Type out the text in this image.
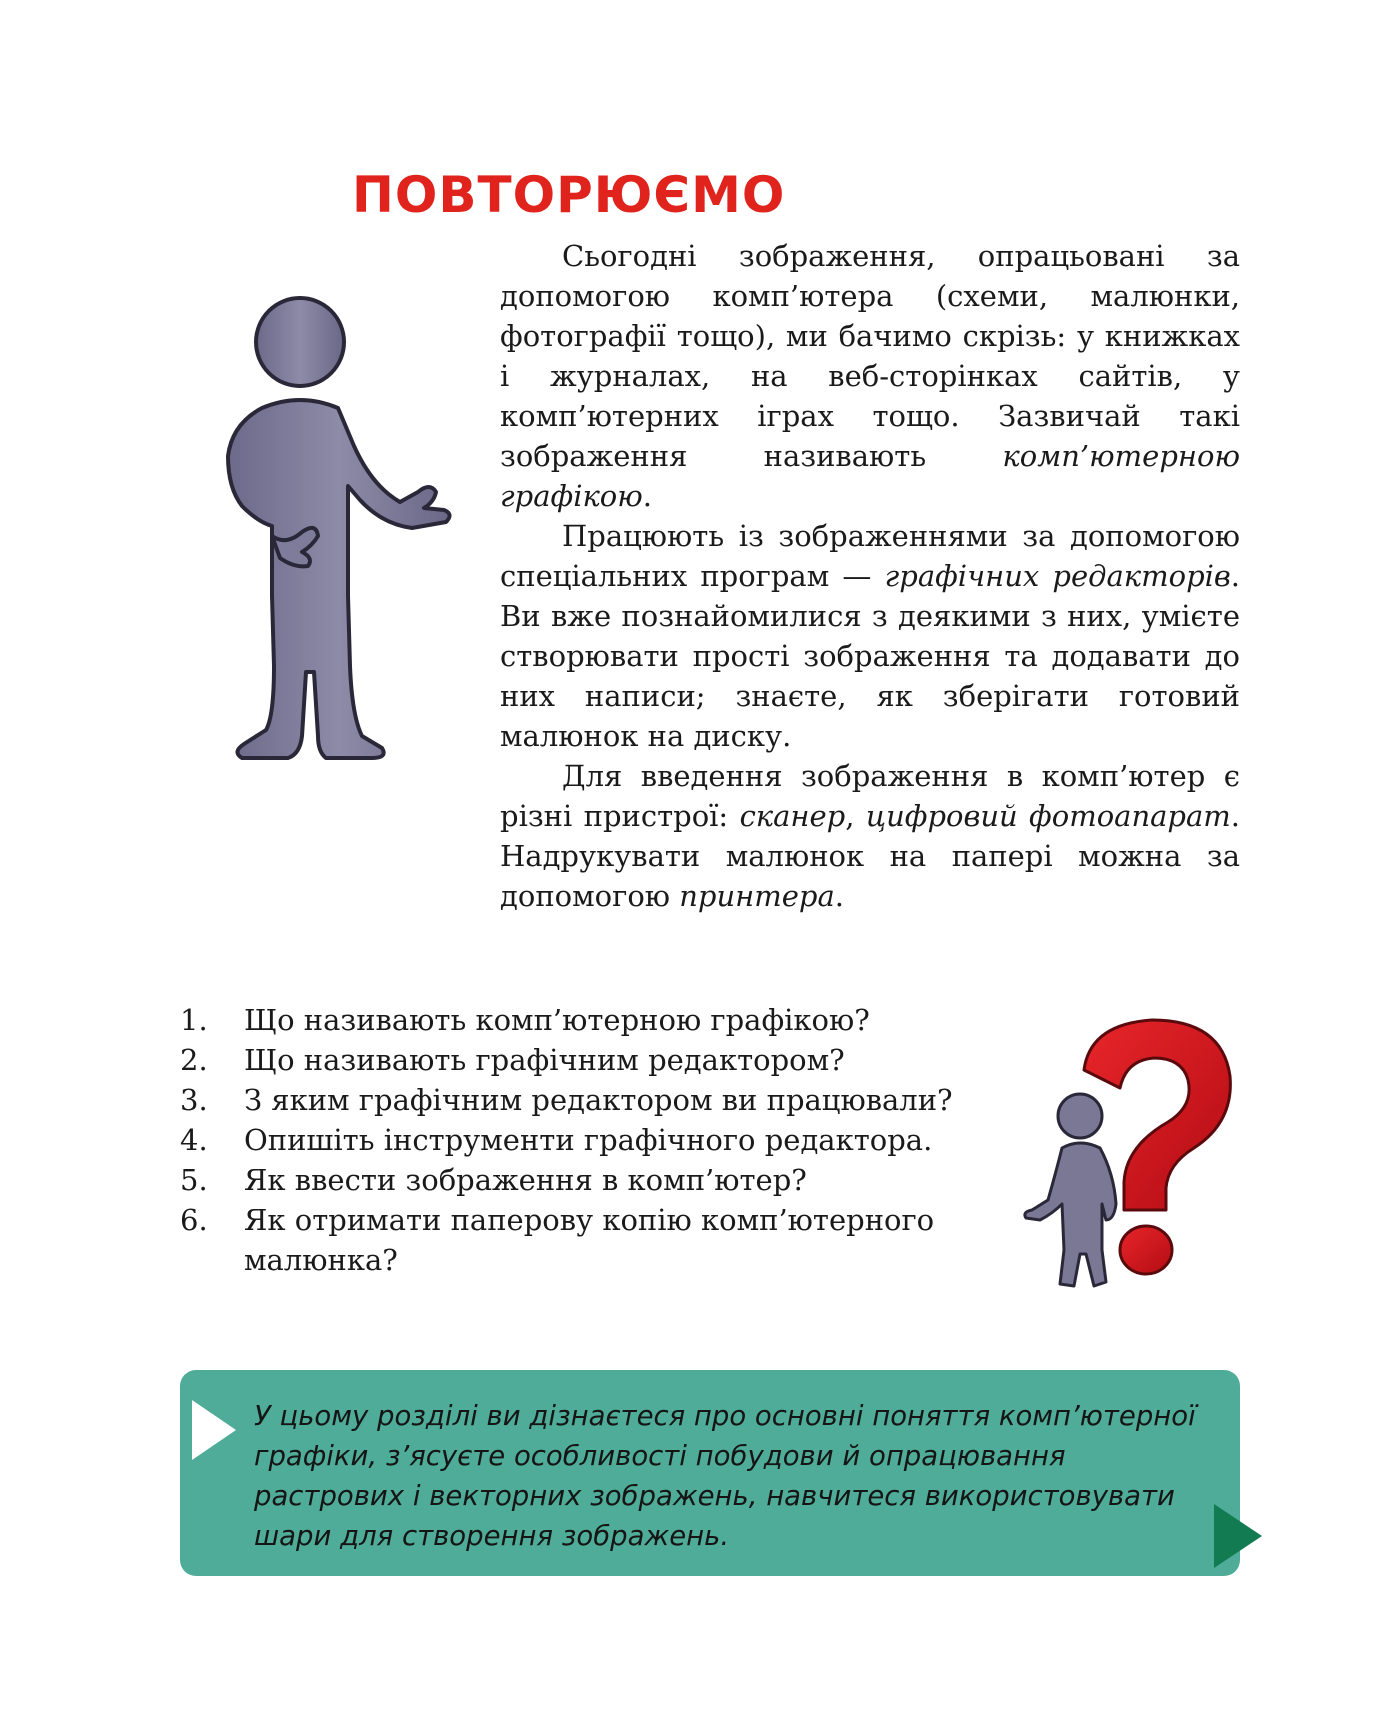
ПОВТОРЮЄМО

Сьогодні зображення, опрацьовані за допомогою комп’ютера (схеми, малюнки, фотографії тощо), ми бачимо скрізь: у книжках і журналах, на веб-сторінках сайтів, у комп’ютерних іграх тощо. Зазвичай такі зображення називають комп’ютерною графікою.

Працюють із зображеннями за допомогою спеціальних програм — графічних редакторів. Ви вже познайомилися з деякими з них, умієте створювати прості зображення та додавати до них написи; знаєте, як зберігати готовий малюнок на диску.

Для введення зображення в комп’ютер є різні пристрої: сканер, цифровий фотоапарат. Надрукувати малюнок на папері можна за допомогою принтера.

1. Що називають комп’ютерною графікою?
2. Що називають графічним редактором?
3. З яким графічним редактором ви працювали?
4. Опишіть інструменти графічного редактора.
5. Як ввести зображення в комп’ютер?
6. Як отримати паперову копію комп’ютерного малюнка?

У цьому розділі ви дізнаєтеся про основні поняття комп’ютерної графіки, з’ясуєте особливості побудови й опрацювання растрових і векторних зображень, навчитеся використовувати шари для створення зображень.
